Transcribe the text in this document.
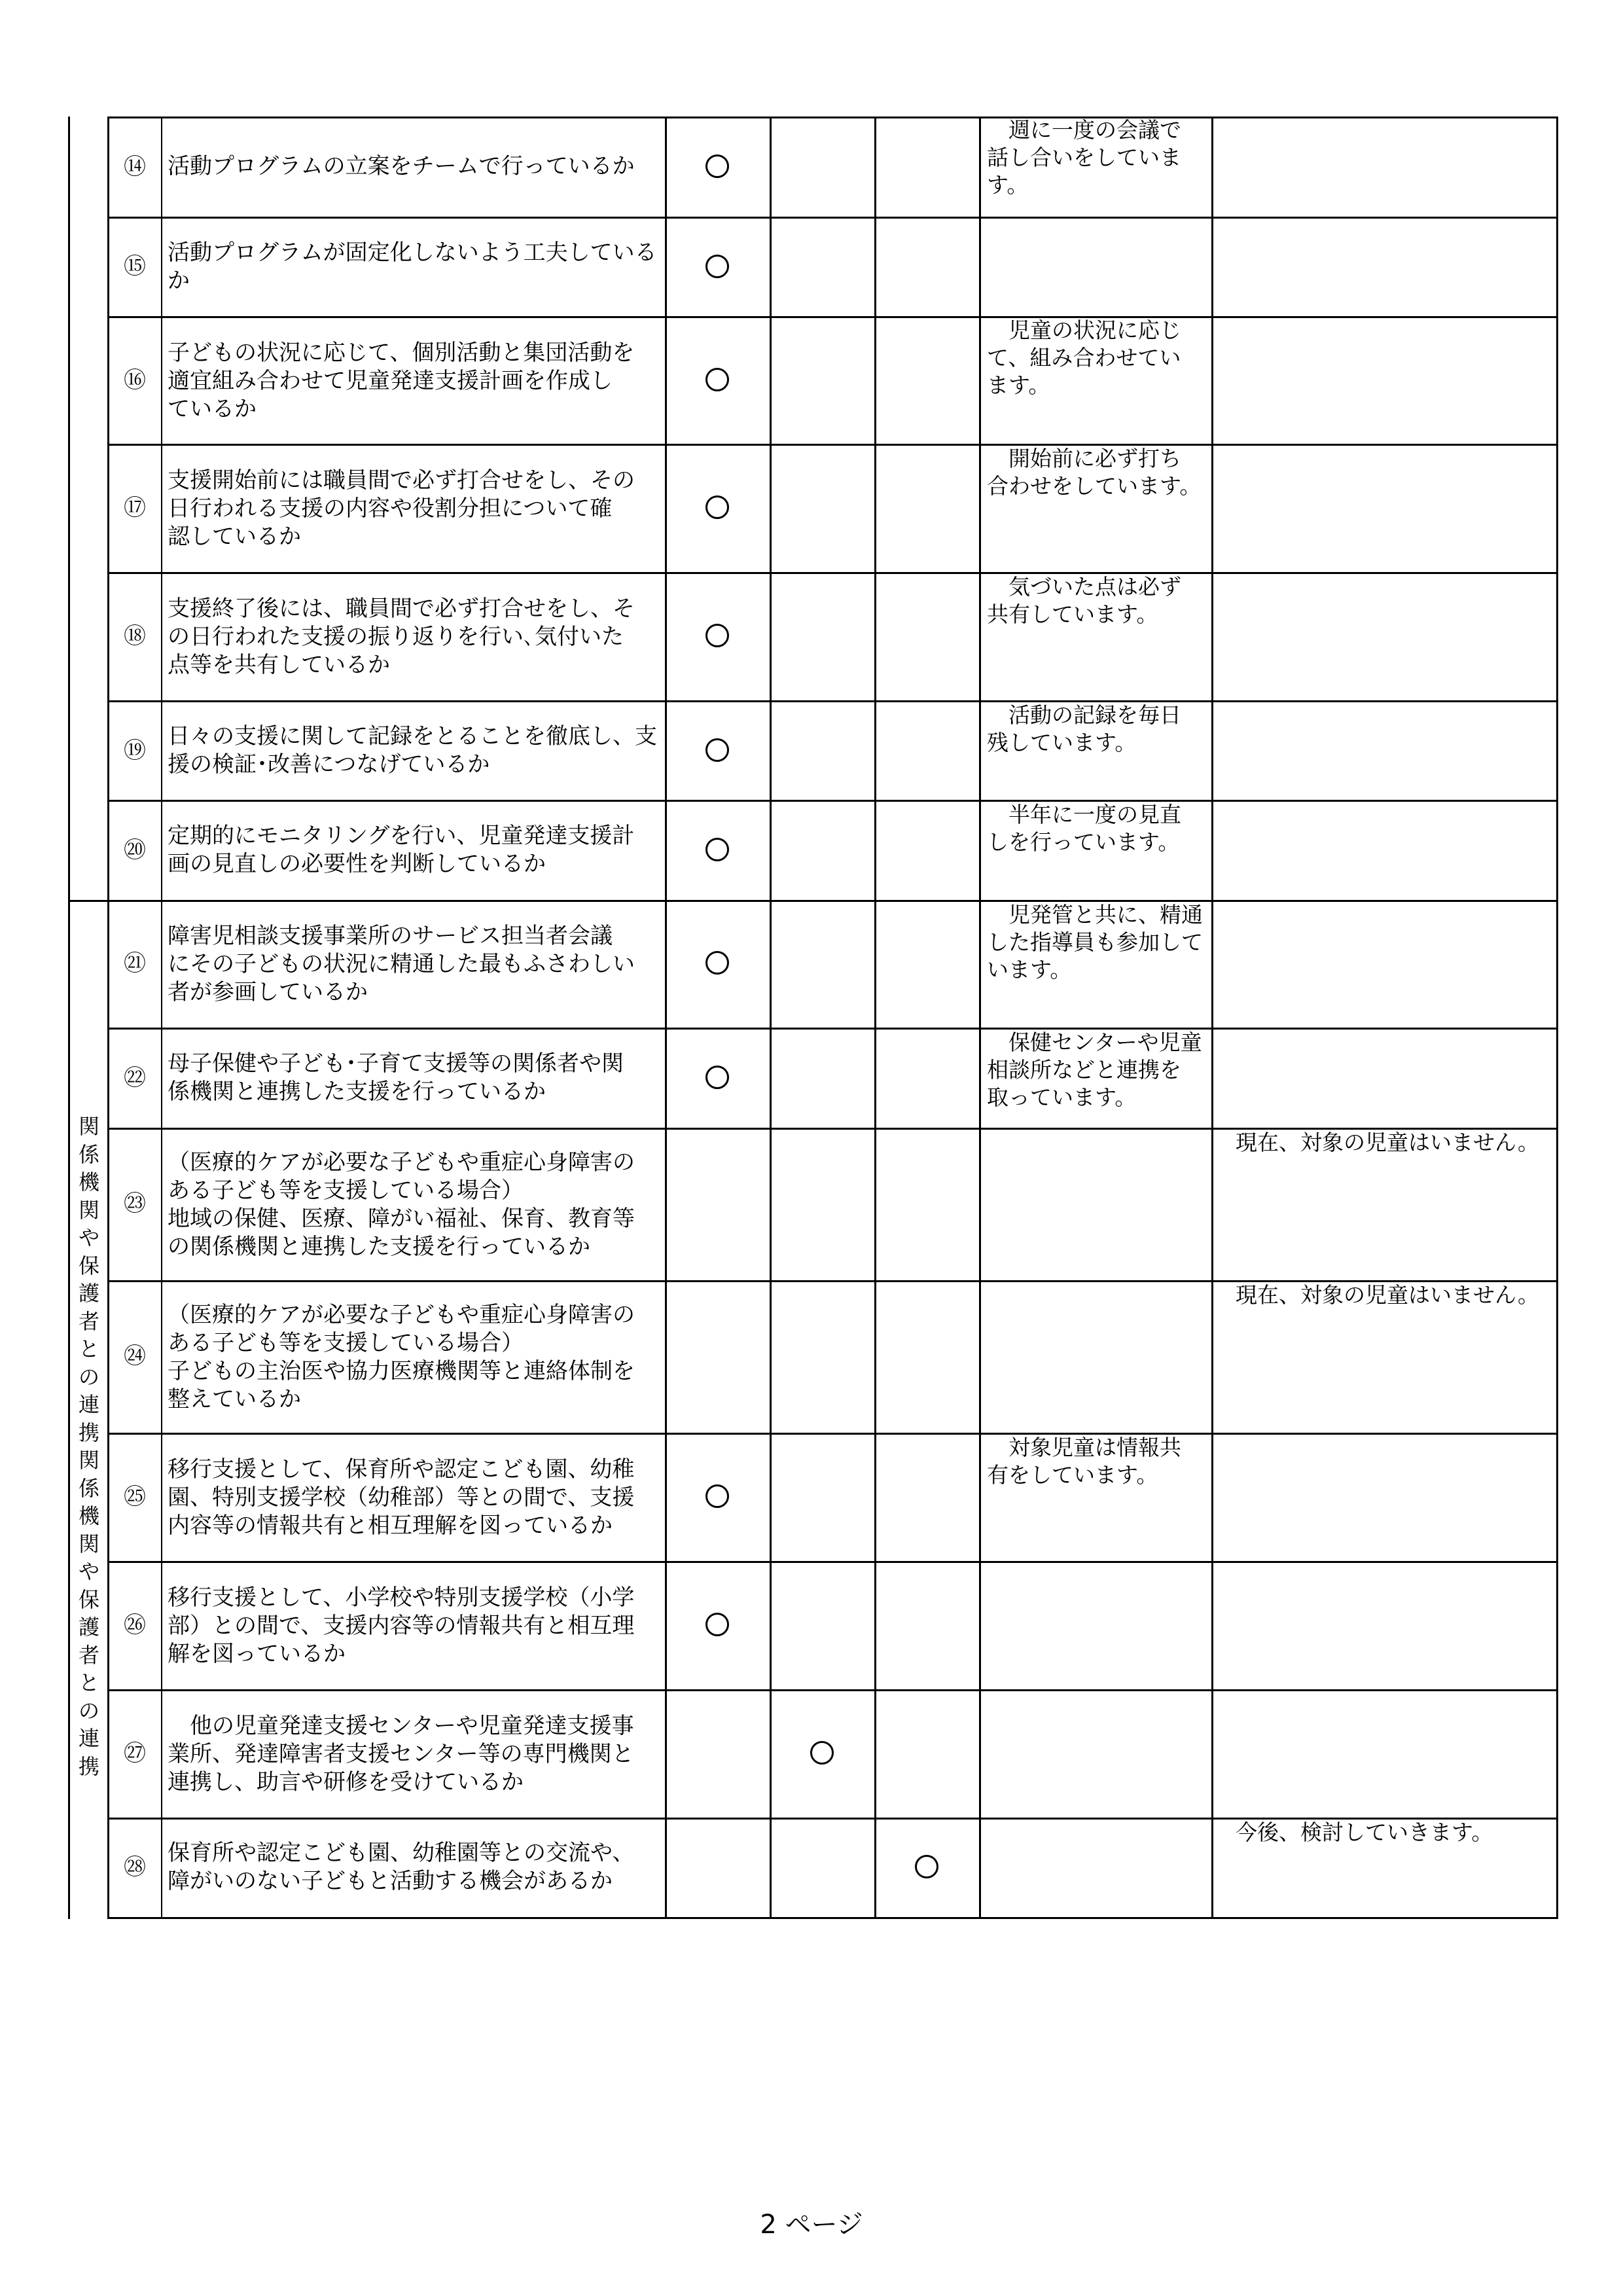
関係機関や保護者との連携関係機関や保護者との連携
⑭ 活動プログラムの立案をチームで行っているか
　週に一度の会議で
話し合いをしていま
す。
⑮
活動プログラムが固定化しないよう工夫している
か
⑯
子どもの状況に応じて、個別活動と集団活動を
適宜組み合わせて児童発達支援計画を作成し
ているか
　児童の状況に応じ
て、組み合わせてい
ます。
⑰
支援開始前には職員間で必ず打合せをし、その
日行われる支援の内容や役割分担について確
認しているか
　開始前に必ず打ち
合わせをしています。
⑱
支援終了後には、職員間で必ず打合せをし、そ
の日行われた支援の振り返りを行い､気付いた
点等を共有しているか
　気づいた点は必ず
共有しています。
⑲
日々の支援に関して記録をとることを徹底し、支
援の検証･改善につなげているか
　活動の記録を毎日
残しています。
⑳
定期的にモニタリングを行い、児童発達支援計
画の見直しの必要性を判断しているか
　半年に一度の見直
しを行っています。
㉑
障害児相談支援事業所のサービス担当者会議
にその子どもの状況に精通した最もふさわしい
者が参画しているか
　児発管と共に、精通
した指導員も参加して
います。
㉒
母子保健や子ども･子育て支援等の関係者や関
係機関と連携した支援を行っているか
　保健センターや児童
相談所などと連携を
取っています。
㉓
（医療的ケアが必要な子どもや重症心身障害の
ある子ども等を支援している場合）
地域の保健、医療、障がい福祉、保育、教育等
の関係機関と連携した支援を行っているか
現在、対象の児童はいません。
㉔
（医療的ケアが必要な子どもや重症心身障害の
ある子ども等を支援している場合）
子どもの主治医や協力医療機関等と連絡体制を
整えているか
現在、対象の児童はいません。
㉕
移行支援として、保育所や認定こども園、幼稚
園、特別支援学校（幼稚部）等との間で、支援
内容等の情報共有と相互理解を図っているか
　対象児童は情報共
有をしています。
㉖
移行支援として、小学校や特別支援学校（小学
部）との間で、支援内容等の情報共有と相互理
解を図っているか
㉗
　他の児童発達支援センターや児童発達支援事
業所、発達障害者支援センター等の専門機関と
連携し、助言や研修を受けているか
㉘
保育所や認定こども園、幼稚園等との交流や、
障がいのない子どもと活動する機会があるか
今後、検討していきます。
2 ページ
